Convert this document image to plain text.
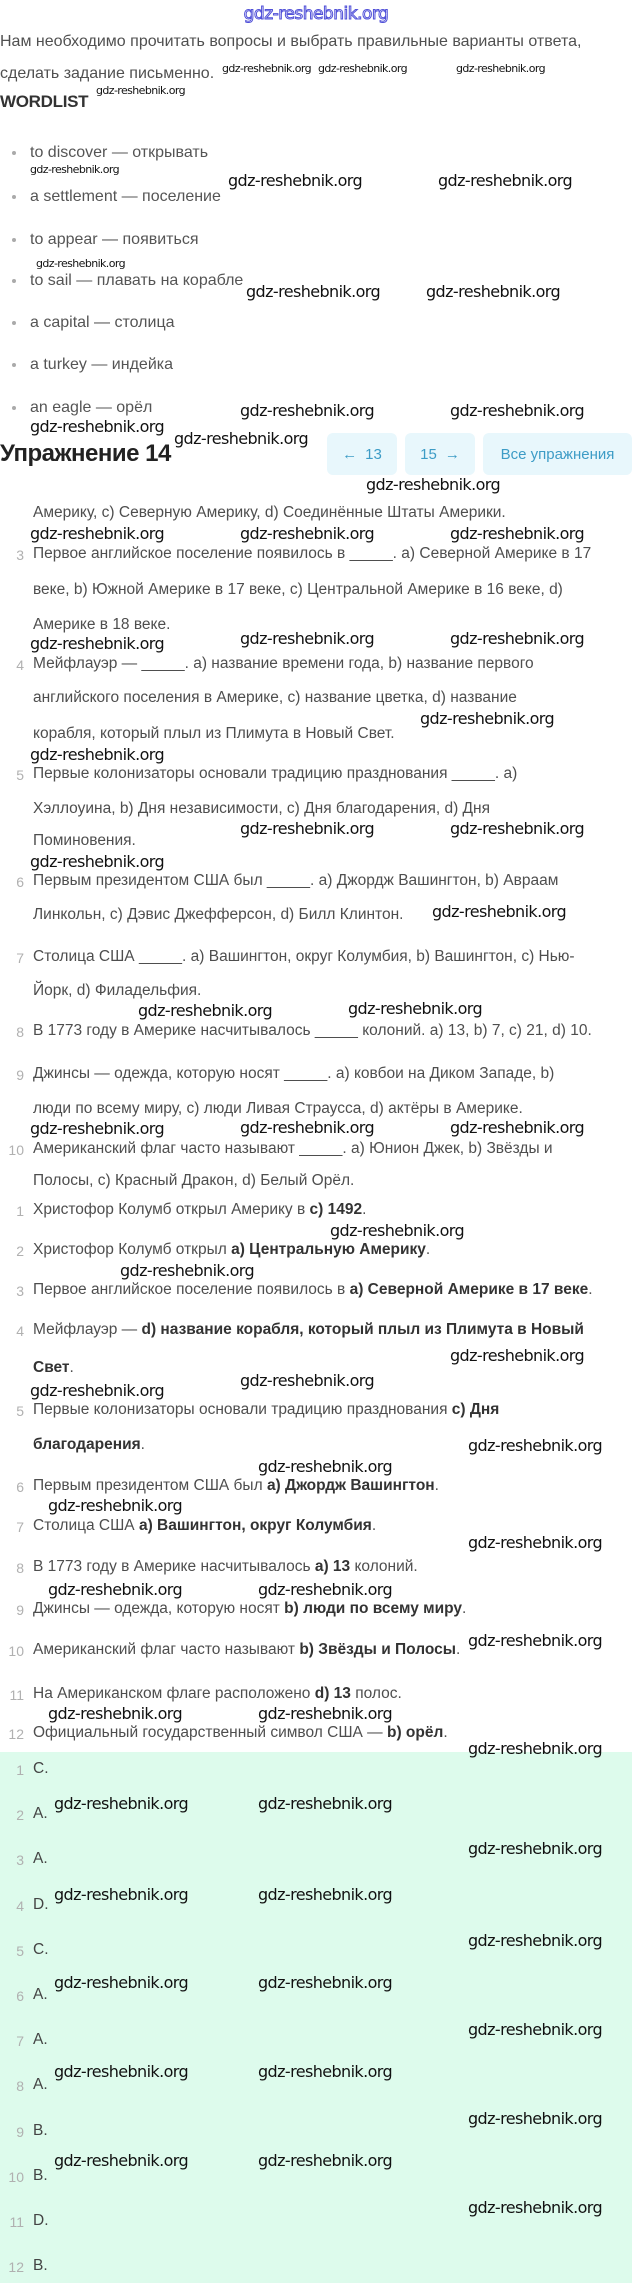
gdz-reshebnik.org
Нам необходимо прочитать вопросы и выбрать правильные варианты ответа,
сделать задание письменно.
WORDLIST
to discover — открывать
a settlement — поселение
to appear — появиться
to sail — плавать на корабле
a capital — столица
a turkey — индейка
an eagle — орёл
Упражнение 14	← 13	15 →	Все упражнения
Америку, c) Северную Америку, d) Соединённые Штаты Америки.
3 Первое английское поселение появилось в _____. a) Северной Америке в 17
веке, b) Южной Америке в 17 веке, c) Центральной Америке в 16 веке, d)
Америке в 18 веке.
4 Мейфлауэр — _____. a) название времени года, b) название первого
английского поселения в Америке, c) название цветка, d) название
корабля, который плыл из Плимута в Новый Свет.
5 Первые колонизаторы основали традицию празднования _____. a)
Хэллоуина, b) Дня независимости, c) Дня благодарения, d) Дня
Поминовения.
6 Первым президентом США был _____. a) Джордж Вашингтон, b) Авраам
Линкольн, c) Дэвис Джефферсон, d) Билл Клинтон.
7 Столица США _____. a) Вашингтон, округ Колумбия, b) Вашингтон, c) Нью-
Йорк, d) Филадельфия.
8 В 1773 году в Америке насчитывалось _____ колоний. a) 13, b) 7, c) 21, d) 10.
9 Джинсы — одежда, которую носят _____. a) ковбои на Диком Западе, b)
люди по всему миру, c) люди Ливая Страусса, d) актёры в Америке.
10 Американский флаг часто называют _____. a) Юнион Джек, b) Звёзды и
Полосы, c) Красный Дракон, d) Белый Орёл.
1 Христофор Колумб открыл Америку в c) 1492.
2 Христофор Колумб открыл a) Центральную Америку.
3 Первое английское поселение появилось в a) Северной Америке в 17 веке.
4 Мейфлауэр — d) название корабля, который плыл из Плимута в Новый
Свет.
5 Первые колонизаторы основали традицию празднования c) Дня
благодарения.
6 Первым президентом США был a) Джордж Вашингтон.
7 Столица США a) Вашингтон, округ Колумбия.
8 В 1773 году в Америке насчитывалось a) 13 колоний.
9 Джинсы — одежда, которую носят b) люди по всему миру.
10 Американский флаг часто называют b) Звёзды и Полосы.
11 На Американском флаге расположено d) 13 полос.
12 Официальный государственный символ США — b) орёл.
1 C.
2 A.
3 A.
4 D.
5 C.
6 A.
7 A.
8 A.
9 B.
10 B.
11 D.
12 B.
gdz-reshebnik.org
gdz-reshebnik.org gdz-reshebnik.org	gdz-reshebnik.org
gdz-reshebnik.org
gdz-reshebnik.org
gdz-reshebnik.org	gdz-reshebnik.org
gdz-reshebnik.org	gdz-reshebnik.org
gdz-reshebnik.org
gdz-reshebnik.org	gdz-reshebnik.org
gdz-reshebnik.org
gdz-reshebnik.org
gdz-reshebnik.org	gdz-reshebnik.org	gdz-reshebnik.org
gdz-reshebnik.org	gdz-reshebnik.org
gdz-reshebnik.org
gdz-reshebnik.org
gdz-reshebnik.org
gdz-reshebnik.org	gdz-reshebnik.org
gdz-reshebnik.org
gdz-reshebnik.org
gdz-reshebnik.org	gdz-reshebnik.org
gdz-reshebnik.org	gdz-reshebnik.org
gdz-reshebnik.org
gdz-reshebnik.org
gdz-reshebnik.org
gdz-reshebnik.org
gdz-reshebnik.org
gdz-reshebnik.org
gdz-reshebnik.org
gdz-reshebnik.org
gdz-reshebnik.org
gdz-reshebnik.org
gdz-reshebnik.org
gdz-reshebnik.org
gdz-reshebnik.org
gdz-reshebnik.org	gdz-reshebnik.org
gdz-reshebnik.org
gdz-reshebnik.org	gdz-reshebnik.org
gdz-reshebnik.org
gdz-reshebnik.org	gdz-reshebnik.org
gdz-reshebnik.org
gdz-reshebnik.org	gdz-reshebnik.org
gdz-reshebnik.org
gdz-reshebnik.org	gdz-reshebnik.org
gdz-reshebnik.org
gdz-reshebnik.org	gdz-reshebnik.org
gdz-reshebnik.org
